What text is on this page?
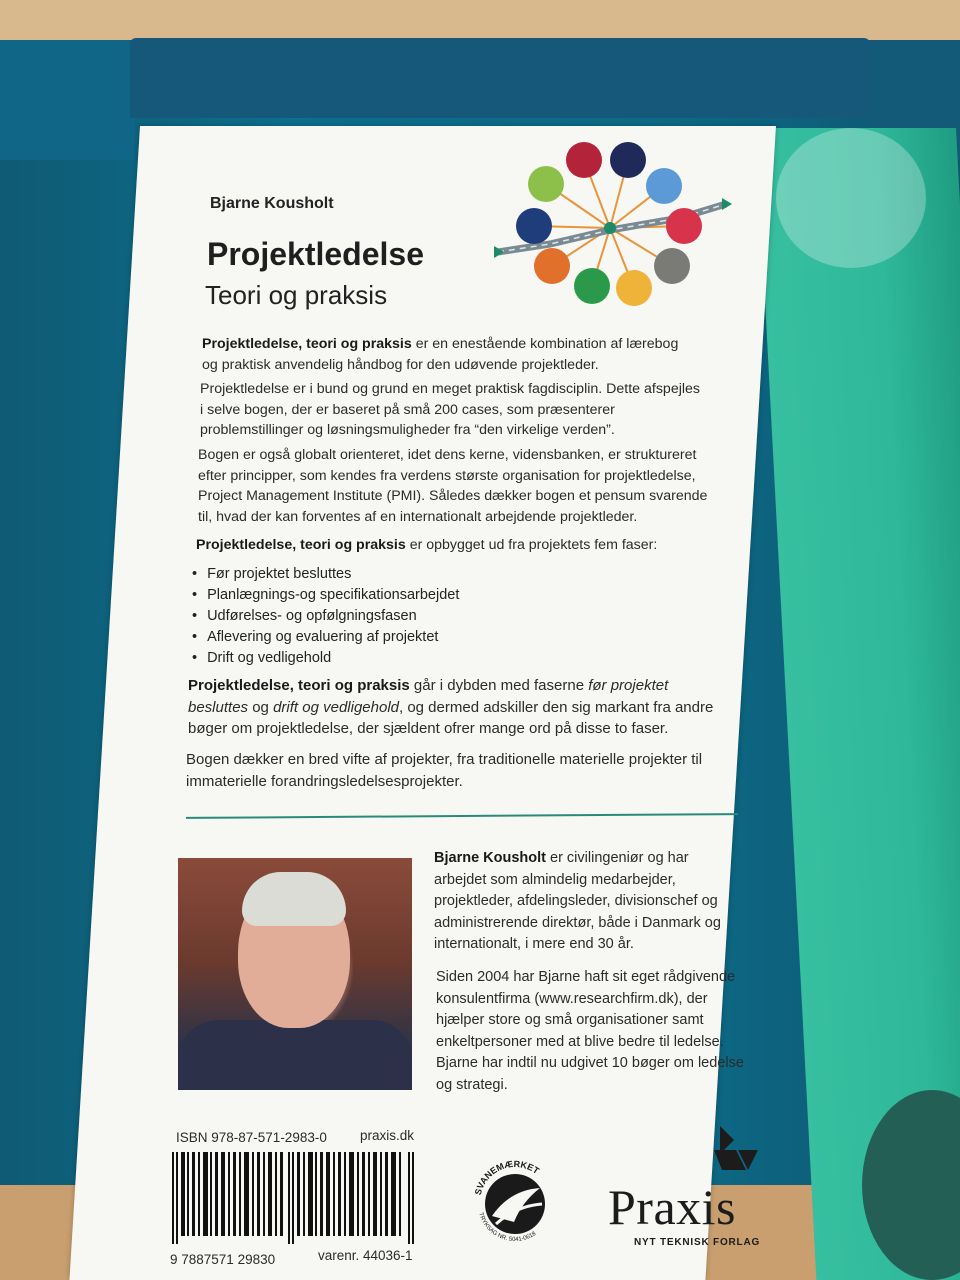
Bjarne Kousholt
Projektledelse
Teori og praksis

Projektledelse, teori og praksis er en enestående kombination af lærebog og praktisk anvendelig håndbog for den udøvende projektleder.

Projektledelse er i bund og grund en meget praktisk fagdisciplin. Dette afspejles i selve bogen, der er baseret på små 200 cases, som præsenterer problemstillinger og løsningsmuligheder fra “den virkelige verden”.

Bogen er også globalt orienteret, idet dens kerne, vidensbanken, er struktureret efter principper, som kendes fra verdens største organisation for projektledelse, Project Management Institute (PMI). Således dækker bogen et pensum svarende til, hvad der kan forventes af en internationalt arbejdende projektleder.

Projektledelse, teori og praksis er opbygget ud fra projektets fem faser:

• Før projektet besluttes
• Planlægnings-og specifikationsarbejdet
• Udførelses- og opfølgningsfasen
• Aflevering og evaluering af projektet
• Drift og vedligehold

Projektledelse, teori og praksis går i dybden med faserne før projektet besluttes og drift og vedligehold, og dermed adskiller den sig markant fra andre bøger om projektledelse, der sjældent ofrer mange ord på disse to faser.

Bogen dækker en bred vifte af projekter, fra traditionelle materielle projekter til immaterielle forandringsledelsesprojekter.

Bjarne Kousholt er civilingeniør og har arbejdet som almindelig medarbejder, projektleder, afdelingsleder, divisionschef og administrerende direktør, både i Danmark og internationalt, i mere end 30 år.

Siden 2004 har Bjarne haft sit eget rådgivende konsulentfirma (www.researchfirm.dk), der hjælper store og små organisationer samt enkeltpersoner med at blive bedre til ledelse. Bjarne har indtil nu udgivet 10 bøger om ledelse og strategi.

ISBN 978-87-571-2983-0 praxis.dk
9 7887571 29830	varenr. 44036-1
SVANEMÆRKET
TRYKSAG NR. 5041-0618 Praxis
NYT TEKNISK FORLAG
